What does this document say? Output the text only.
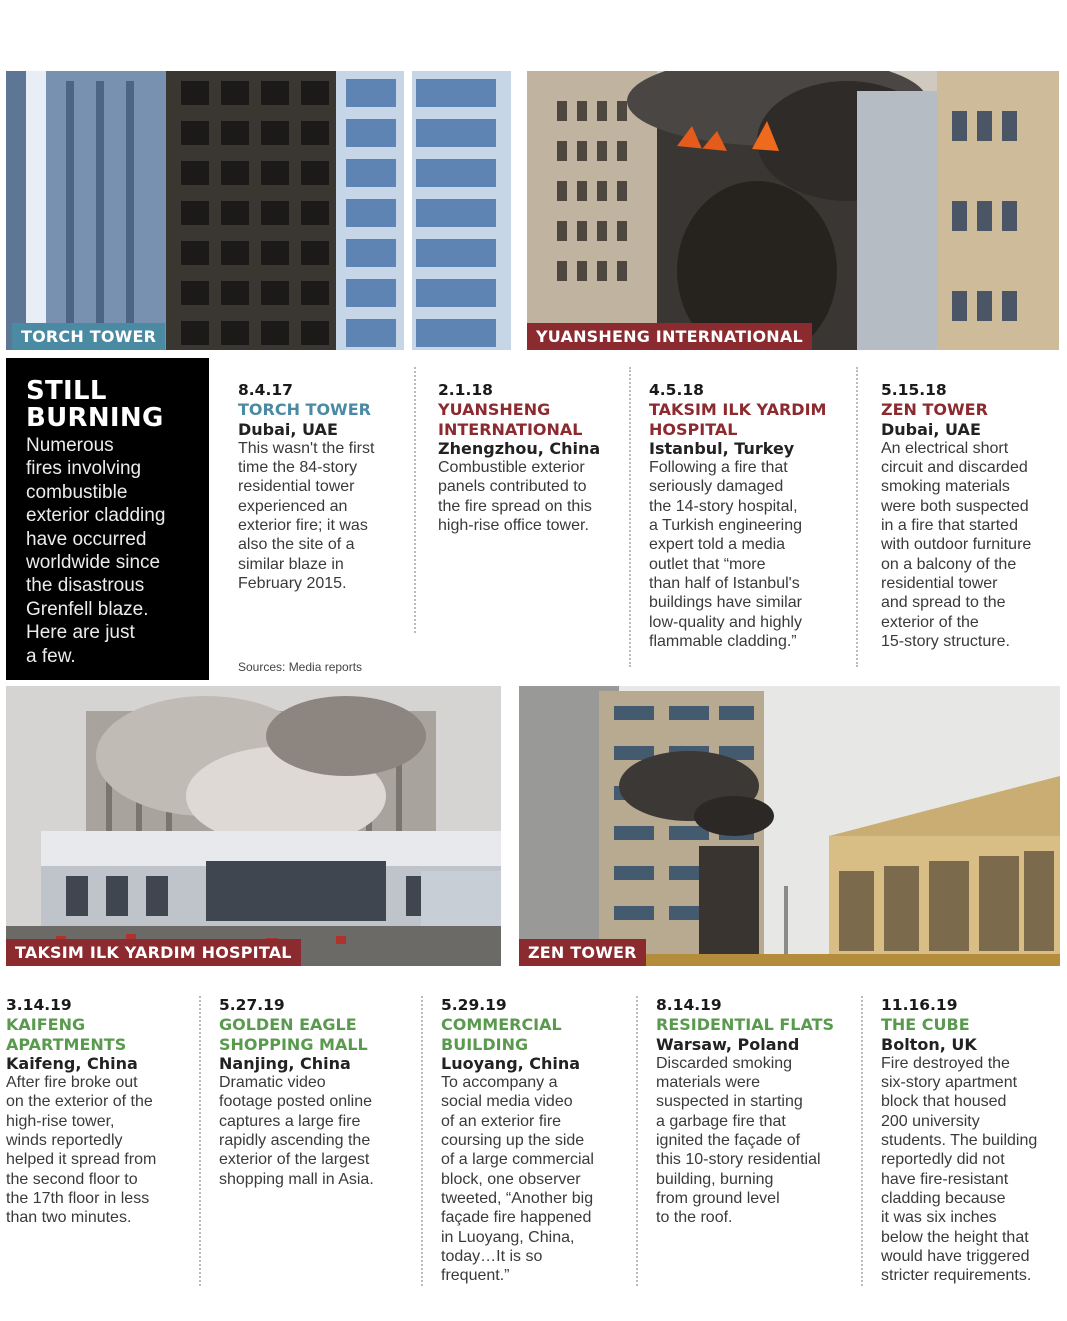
TORCH TOWER	YUANSHENG INTERNATIONAL
STILL
BURNING

Numerous
fires involving
combustible
exterior cladding
have occurred
worldwide since
the disastrous
Grenfell blaze.
Here are just
a few.

8.4.17
TORCH TOWER
Dubai, UAE
This wasn't the first
time the 84-story
residential tower
experienced an
exterior fire; it was
also the site of a
similar blaze in
February 2015.
2.1.18
YUANSHENG
INTERNATIONAL
Zhengzhou, China
Combustible exterior
panels contributed to
the fire spread on this
high-rise office tower.
4.5.18
TAKSIM ILK YARDIM
HOSPITAL
Istanbul, Turkey
Following a fire that
seriously damaged
the 14-story hospital,
a Turkish engineering
expert told a media
outlet that “more
than half of Istanbul's
buildings have similar
low-quality and highly
flammable cladding.”
5.15.18
ZEN TOWER
Dubai, UAE
An electrical short
circuit and discarded
smoking materials
were both suspected
in a fire that started
with outdoor furniture
on a balcony of the
residential tower
and spread to the
exterior of the
15-story structure.
Sources: Media reports
TAKSIM ILK YARDIM HOSPITAL	ZEN TOWER
3.14.19
KAIFENG
APARTMENTS
Kaifeng, China
After fire broke out
on the exterior of the
high-rise tower,
winds reportedly
helped it spread from
the second floor to
the 17th floor in less
than two minutes.
5.27.19
GOLDEN EAGLE
SHOPPING MALL
Nanjing, China
Dramatic video
footage posted online
captures a large fire
rapidly ascending the
exterior of the largest
shopping mall in Asia.
5.29.19
COMMERCIAL
BUILDING
Luoyang, China
To accompany a
social media video
of an exterior fire
coursing up the side
of a large commercial
block, one observer
tweeted, “Another big
façade fire happened
in Luoyang, China,
today…It is so
frequent.”
8.14.19
RESIDENTIAL FLATS
Warsaw, Poland
Discarded smoking
materials were
suspected in starting
a garbage fire that
ignited the façade of
this 10-story residential
building, burning
from ground level
to the roof.
11.16.19
THE CUBE
Bolton, UK
Fire destroyed the
six-story apartment
block that housed
200 university
students. The building
reportedly did not
have fire-resistant
cladding because
it was six inches
below the height that
would have triggered
stricter requirements.
